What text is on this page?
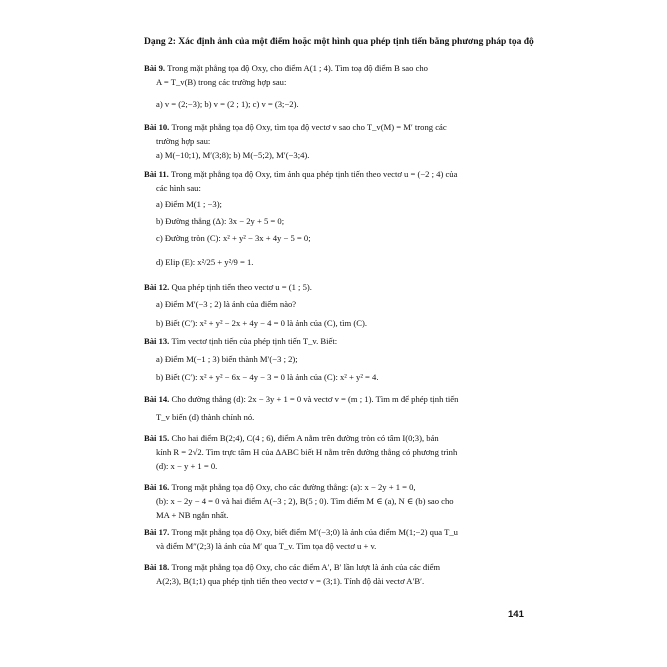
Dạng 2: Xác định ảnh của một điểm hoặc một hình qua phép tịnh tiến bằng phương pháp tọa độ
Bài 9. Trong mặt phẳng tọa độ Oxy, cho điểm A(1 ; 4). Tìm toạ độ điểm B sao cho
A = T_v(B) trong các trường hợp sau:
a) v = (2;−3); b) v = (2 ; 1); c) v = (3;−2).
Bài 10. Trong mặt phẳng tọa độ Oxy, tìm tọa độ vectơ v sao cho T_v(M) = M′ trong các
trường hợp sau:
a) M(−10;1), M′(3;8); b) M(−5;2), M′(−3;4).
Bài 11. Trong mặt phẳng tọa độ Oxy, tìm ảnh qua phép tịnh tiến theo vectơ u = (−2 ; 4) của
các hình sau:
a) Điểm M(1 ; −3);
b) Đường thẳng (Δ): 3x − 2y + 5 = 0;
c) Đường tròn (C): x² + y² − 3x + 4y − 5 = 0;
d) Elip (E): x²/25 + y²/9 = 1.
Bài 12. Qua phép tịnh tiến theo vectơ u = (1 ; 5).
a) Điểm M′(−3 ; 2) là ảnh của điểm nào?
b) Biết (C′): x² + y² − 2x + 4y − 4 = 0 là ảnh của (C), tìm (C).
Bài 13. Tìm vectơ tịnh tiến của phép tịnh tiến T_v. Biết:
a) Điểm M(−1 ; 3) biến thành M′(−3 ; 2);
b) Biết (C′): x² + y² − 6x − 4y − 3 = 0 là ảnh của (C): x² + y² = 4.
Bài 14. Cho đường thẳng (d): 2x − 3y + 1 = 0 và vectơ v = (m ; 1). Tìm m để phép tịnh tiến
T_v biến (d) thành chính nó.
Bài 15. Cho hai điểm B(2;4), C(4 ; 6), điểm A nằm trên đường tròn có tâm I(0;3), bán
kính R = 2√2. Tìm trực tâm H của ΔABC biết H nằm trên đường thẳng có phương trình
(d): x − y + 1 = 0.
Bài 16. Trong mặt phẳng tọa độ Oxy, cho các đường thẳng: (a): x − 2y + 1 = 0,
(b): x − 2y − 4 = 0 và hai điểm A(−3 ; 2), B(5 ; 0). Tìm điểm M ∈ (a), N ∈ (b) sao cho
MA + NB ngắn nhất.
Bài 17. Trong mặt phẳng tọa độ Oxy, biết điểm M′(−3;0) là ảnh của điểm M(1;−2) qua T_u
và điểm M″(2;3) là ảnh của M′ qua T_v. Tìm tọa độ vectơ u + v.
Bài 18. Trong mặt phẳng tọa độ Oxy, cho các điểm A′, B′ lần lượt là ảnh của các điểm
A(2;3), B(1;1) qua phép tịnh tiến theo vectơ v = (3;1). Tính độ dài vectơ A′B′.
141
